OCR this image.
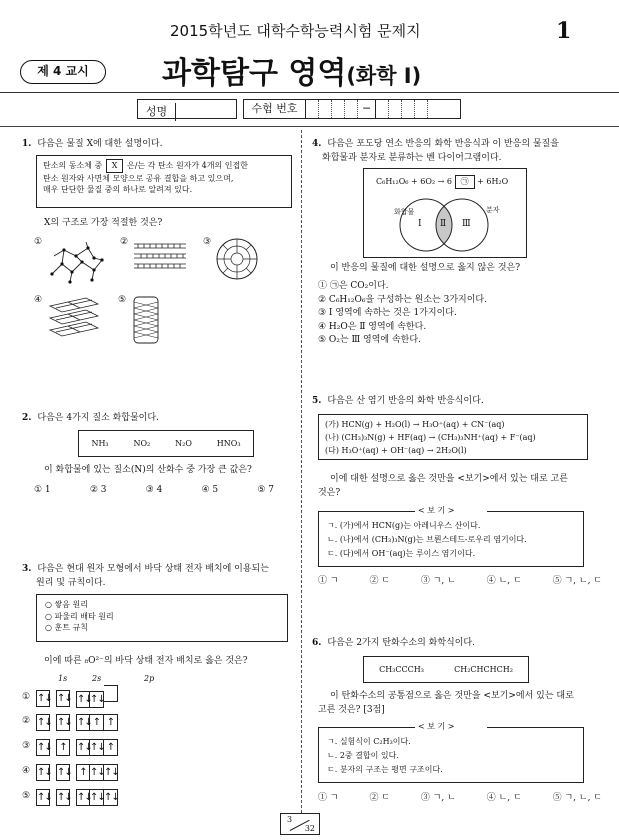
2015학년도 대학수학능력시험 문제지	1
제 4 교시	과학탐구 영역(화학 Ⅰ)
성명	수험 번호	─
1. 다음은 물질 X에 대한 설명이다.
탄소의 동소체 중 X 은/는 각 탄소 원자가 4개의 인접한
탄소 원자와 사면체 모양으로 공유 결합을 하고 있으며,
매우 단단한 물질 중의 하나로 알려져 있다.
X의 구조로 가장 적절한 것은?
①	②	③
④	⑤
2. 다음은 4가지 질소 화합물이다.
NH₃	NO₂	N₂O	HNO₃
이 화합물에 있는 질소(N)의 산화수 중 가장 큰 값은?
① 1	② 3	③ 4	④ 5	⑤ 7
3. 다음은 현대 원자 모형에서 바닥 상태 전자 배치에 이용되는
원리 및 규칙이다.
○ 쌓음 원리
○ 파울리 배타 원리
○ 훈트 규칙
이에 따른 ₈O²⁻의 바닥 상태 전자 배치로 옳은 것은?
1s	2s	2p
① ↑↓ ↑↓ ↑↓↑↓
② ↑↓ ↑↓ ↑↓↑ ↑
③ ↑↓ ↑	↑↓↑↓ ↑
④ ↑↓ ↑↓ ↑ ↑↓↑↓
⑤ ↑↓ ↑↓ ↑↓↑↓↑↓
4. 다음은 포도당 연소 반응의 화학 반응식과 이 반응의 물질을
화합물과 분자로 분류하는 벤 다이어그램이다.
C₆H₁₂O₆ + 6O₂ → 6 ㉠ + 6H₂O
화합물	분자
Ⅰ Ⅱ Ⅲ
이 반응의 물질에 대한 설명으로 옳지 않은 것은?
① ㉠은 CO₂이다.
② C₆H₁₂O₆을 구성하는 원소는 3가지이다.
③ Ⅰ 영역에 속하는 것은 1가지이다.
④ H₂O은 Ⅱ 영역에 속한다.
⑤ O₂는 Ⅲ 영역에 속한다.
5. 다음은 산 염기 반응의 화학 반응식이다.
(가) HCN(g) + H₂O(l) → H₃O⁺(aq) + CN⁻(aq)
(나) (CH₃)₃N(g) + HF(aq) → (CH₃)₃NH⁺(aq) + F⁻(aq)
(다) H₃O⁺(aq) + OH⁻(aq) → 2H₂O(l)
이에 대한 설명으로 옳은 것만을 <보기>에서 있는 대로 고른
것은?
< 보 기 >
ㄱ. (가)에서 HCN(g)는 아레니우스 산이다.
ㄴ. (나)에서 (CH₃)₃N(g)는 브뢴스테드-로우리 염기이다.
ㄷ. (다)에서 OH⁻(aq)는 루이스 염기이다.
① ㄱ	② ㄷ	③ ㄱ, ㄴ	④ ㄴ, ㄷ	⑤ ㄱ, ㄴ, ㄷ
6. 다음은 2가지 탄화수소의 화학식이다.
CH₃CCCH₃	CH₂CHCHCH₂
이 탄화수소의 공통점으로 옳은 것만을 <보기>에서 있는 대로
고른 것은? [3점]
< 보 기 >
ㄱ. 실험식이 C₂H₃이다.
ㄴ. 2중 결합이 있다.
ㄷ. 분자의 구조는 평면 구조이다.
① ㄱ	② ㄷ	③ ㄱ, ㄴ	④ ㄴ, ㄷ	⑤ ㄱ, ㄴ, ㄷ
3
32
